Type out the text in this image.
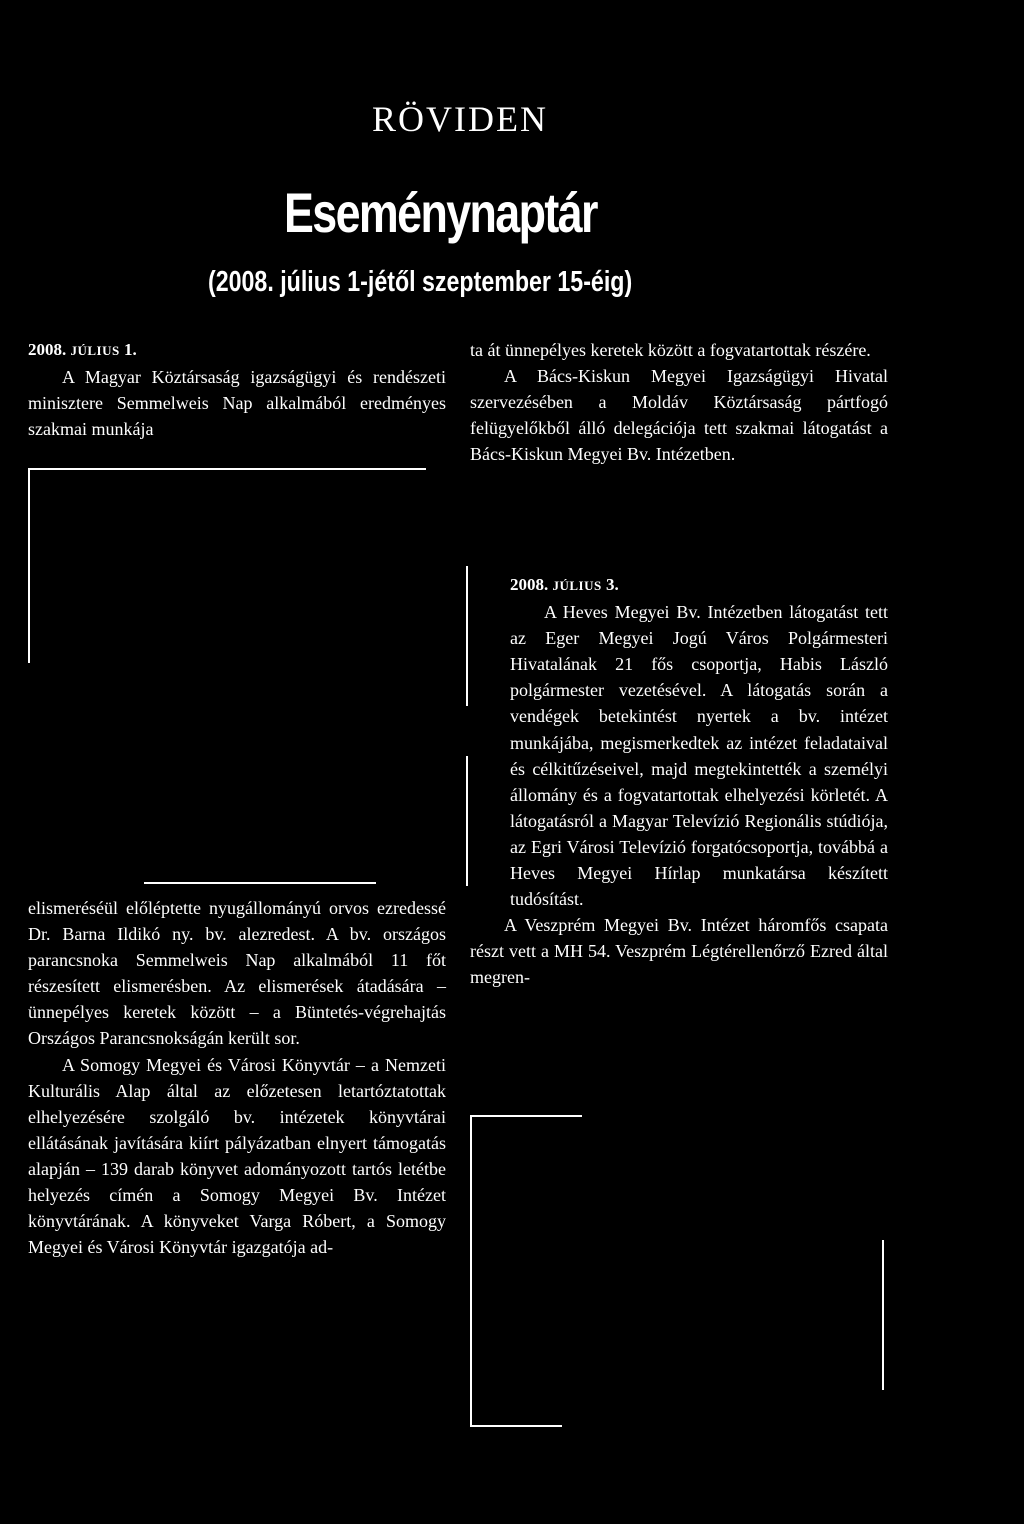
RÖVIDEN
Eseménynaptár
(2008. július 1-jétől szeptember 15-éig)

2008. JÚLIUS 1.

A Magyar Köztársaság igazságügyi és rendészeti minisztere Semmelweis Nap alkalmából eredményes szakmai munkája

elismeréséül előléptette nyugállományú orvos ezredessé Dr. Barna Ildikó ny. bv. alezredest. A bv. országos parancsnoka Semmelweis Nap alkalmából 11 főt részesített elismerésben. Az elismerések átadására – ünnepélyes keretek között – a Büntetés-végrehajtás Országos Parancsnokságán került sor.

A Somogy Megyei és Városi Könyvtár – a Nemzeti Kulturális Alap által az előzetesen letartóztatottak elhelyezésére szolgáló bv. intézetek könyvtárai ellátásának javítására kiírt pályázatban elnyert támogatás alapján – 139 darab könyvet adományozott tartós letétbe helyezés címén a Somogy Megyei Bv. Intézet könyvtárának. A könyveket Varga Róbert, a Somogy Megyei és Városi Könyvtár igazgatója ad-

ta át ünnepélyes keretek között a fogvatartottak részére.

A Bács-Kiskun Megyei Igazságügyi Hivatal szervezésében a Moldáv Köztársaság pártfogó felügyelőkből álló delegációja tett szakmai látogatást a Bács-Kiskun Megyei Bv. Intézetben.

2008. JÚLIUS 3.

A Heves Megyei Bv. Intézetben látogatást tett az Eger Megyei Jogú Város Polgármesteri Hivatalának 21 fős csoportja, Habis László polgármester vezetésével. A látogatás során a vendégek betekintést nyertek a bv. intézet munkájába, megismerkedtek az intézet feladataival és célkitűzéseivel, majd megtekintették a személyi állomány és a fogvatartottak elhelyezési körletét. A látogatásról a Magyar Televízió Regionális stúdiója, az Egri Városi Televízió forgatócsoportja, továbbá a Heves Megyei Hírlap munkatársa készített tudósítást.

A Veszprém Megyei Bv. Intézet háromfős csapata részt vett a MH 54. Veszprém Légtérellenőrző Ezred által megren-
